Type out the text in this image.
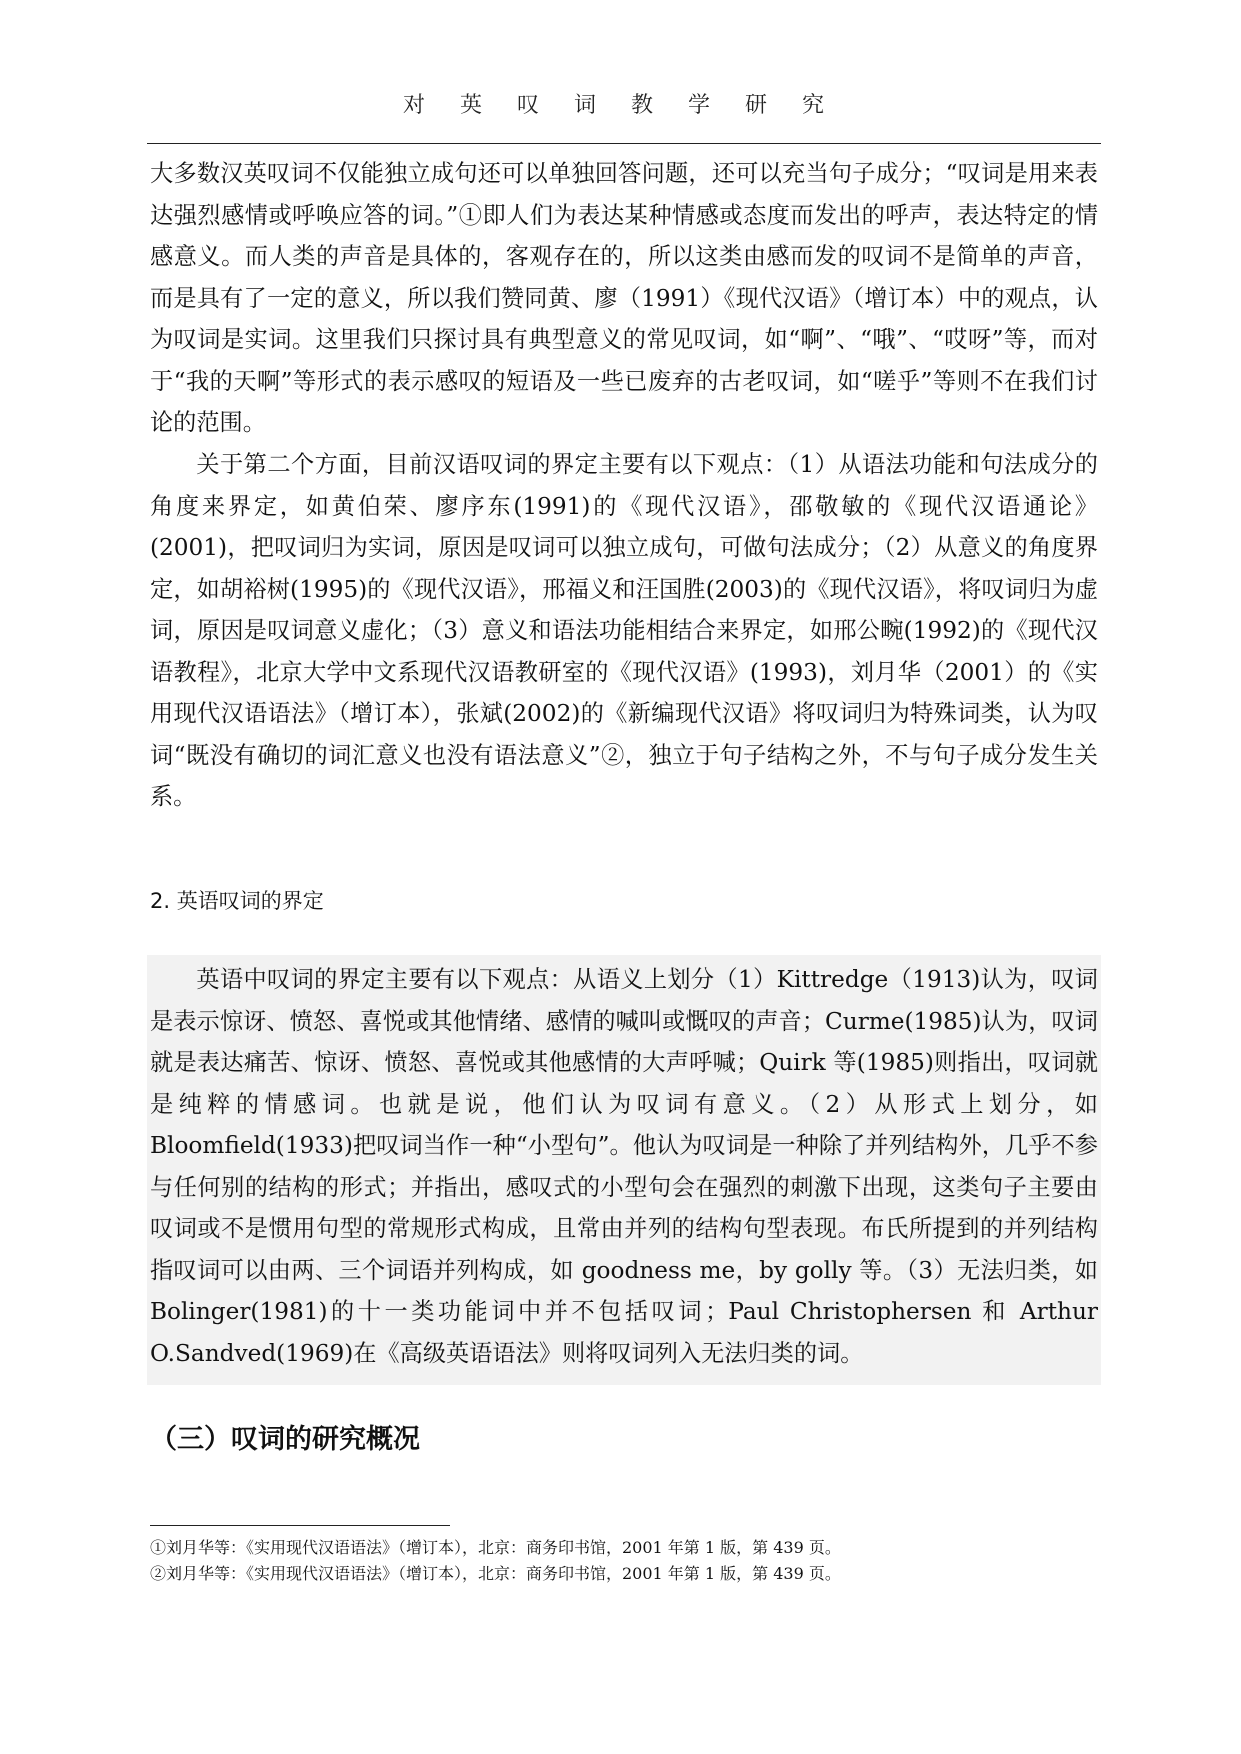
对 英 叹 词 教 学 研 究

大多数汉英叹词不仅能独立成句还可以单独回答问题，还可以充当句子成分；“叹词是用来表达强烈感情或呼唤应答的词。”①即人们为表达某种情感或态度而发出的呼声，表达特定的情感意义。而人类的声音是具体的，客观存在的，所以这类由感而发的叹词不是简单的声音，而是具有了一定的意义，所以我们赞同黄、廖（1991）《现代汉语》（增订本）中的观点，认为叹词是实词。这里我们只探讨具有典型意义的常见叹词，如“啊”、“哦”、“哎呀”等，而对于“我的天啊”等形式的表示感叹的短语及一些已废弃的古老叹词，如“嗟乎”等则不在我们讨论的范围。

关于第二个方面，目前汉语叹词的界定主要有以下观点：（1）从语法功能和句法成分的角度来界定，如黄伯荣、廖序东(1991)的《现代汉语》，邵敬敏的《现代汉语通论》(2001)，把叹词归为实词，原因是叹词可以独立成句，可做句法成分；（2）从意义的角度界定，如胡裕树(1995)的《现代汉语》，邢福义和汪国胜(2003)的《现代汉语》，将叹词归为虚词，原因是叹词意义虚化；（3）意义和语法功能相结合来界定，如邢公畹(1992)的《现代汉语教程》，北京大学中文系现代汉语教研室的《现代汉语》(1993)，刘月华（2001）的《实用现代汉语语法》（增订本），张斌(2002)的《新编现代汉语》将叹词归为特殊词类，认为叹词“既没有确切的词汇意义也没有语法意义”②，独立于句子结构之外，不与句子成分发生关系。

2. 英语叹词的界定

英语中叹词的界定主要有以下观点：从语义上划分（1）Kittredge（1913)认为，叹词是表示惊讶、愤怒、喜悦或其他情绪、感情的喊叫或慨叹的声音；Curme(1985)认为，叹词就是表达痛苦、惊讶、愤怒、喜悦或其他感情的大声呼喊；Quirk 等(1985)则指出，叹词就是纯粹的情感词。也就是说，他们认为叹词有意义。（2）从形式上划分，如Bloomfield(1933)把叹词当作一种“小型句”。他认为叹词是一种除了并列结构外，几乎不参与任何别的结构的形式；并指出，感叹式的小型句会在强烈的刺激下出现，这类句子主要由叹词或不是惯用句型的常规形式构成，且常由并列的结构句型表现。布氏所提到的并列结构指叹词可以由两、三个词语并列构成，如 goodness me，by golly 等。（3）无法归类，如 Bolinger(1981)的十一类功能词中并不包括叹词；Paul Christophersen 和 Arthur O.Sandved(1969)在《高级英语语法》则将叹词列入无法归类的词。

（三）叹词的研究概况
①刘月华等：《实用现代汉语语法》（增订本），北京：商务印书馆，2001 年第 1 版，第 439 页。
②刘月华等：《实用现代汉语语法》（增订本），北京：商务印书馆，2001 年第 1 版，第 439 页。
